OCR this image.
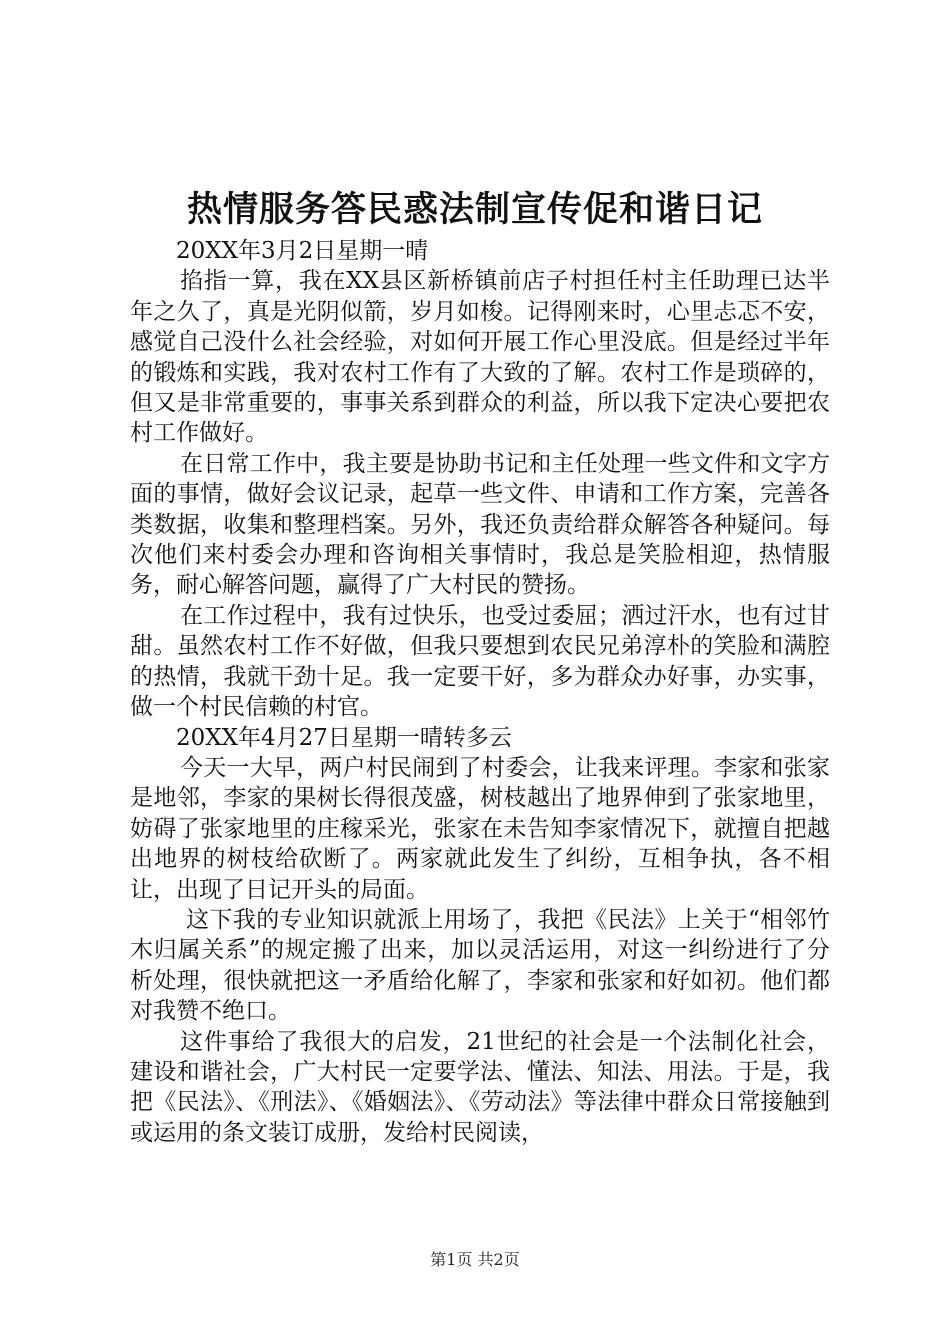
热情服务答民惑法制宣传促和谐日记

20XX年3月2日星期一晴

掐指一算，我在XX县区新桥镇前店子村担任村主任助理已达半年之久了，真是光阴似箭，岁月如梭。记得刚来时，心里忐忑不安，感觉自己没什么社会经验，对如何开展工作心里没底。但是经过半年的锻炼和实践，我对农村工作有了大致的了解。农村工作是琐碎的，但又是非常重要的，事事关系到群众的利益，所以我下定决心要把农村工作做好。

在日常工作中，我主要是协助书记和主任处理一些文件和文字方面的事情，做好会议记录，起草一些文件、申请和工作方案，完善各类数据，收集和整理档案。另外，我还负责给群众解答各种疑问。每次他们来村委会办理和咨询相关事情时，我总是笑脸相迎，热情服务，耐心解答问题，赢得了广大村民的赞扬。

在工作过程中，我有过快乐，也受过委屈；洒过汗水，也有过甘甜。虽然农村工作不好做，但我只要想到农民兄弟淳朴的笑脸和满腔的热情，我就干劲十足。我一定要干好，多为群众办好事，办实事，做一个村民信赖的村官。

20XX年4月27日星期一晴转多云

今天一大早，两户村民闹到了村委会，让我来评理。李家和张家是地邻，李家的果树长得很茂盛，树枝越出了地界伸到了张家地里，妨碍了张家地里的庄稼采光，张家在未告知李家情况下，就擅自把越出地界的树枝给砍断了。两家就此发生了纠纷，互相争执，各不相让，出现了日记开头的局面。

这下我的专业知识就派上用场了，我把《民法》上关于“相邻竹木归属关系”的规定搬了出来，加以灵活运用，对这一纠纷进行了分析处理，很快就把这一矛盾给化解了，李家和张家和好如初。他们都对我赞不绝口。

这件事给了我很大的启发，21世纪的社会是一个法制化社会，建设和谐社会，广大村民一定要学法、懂法、知法、用法。于是，我把《民法》、《刑法》、《婚姻法》、《劳动法》等法律中群众日常接触到或运用的条文装订成册，发给村民阅读，

第1页 共2页
